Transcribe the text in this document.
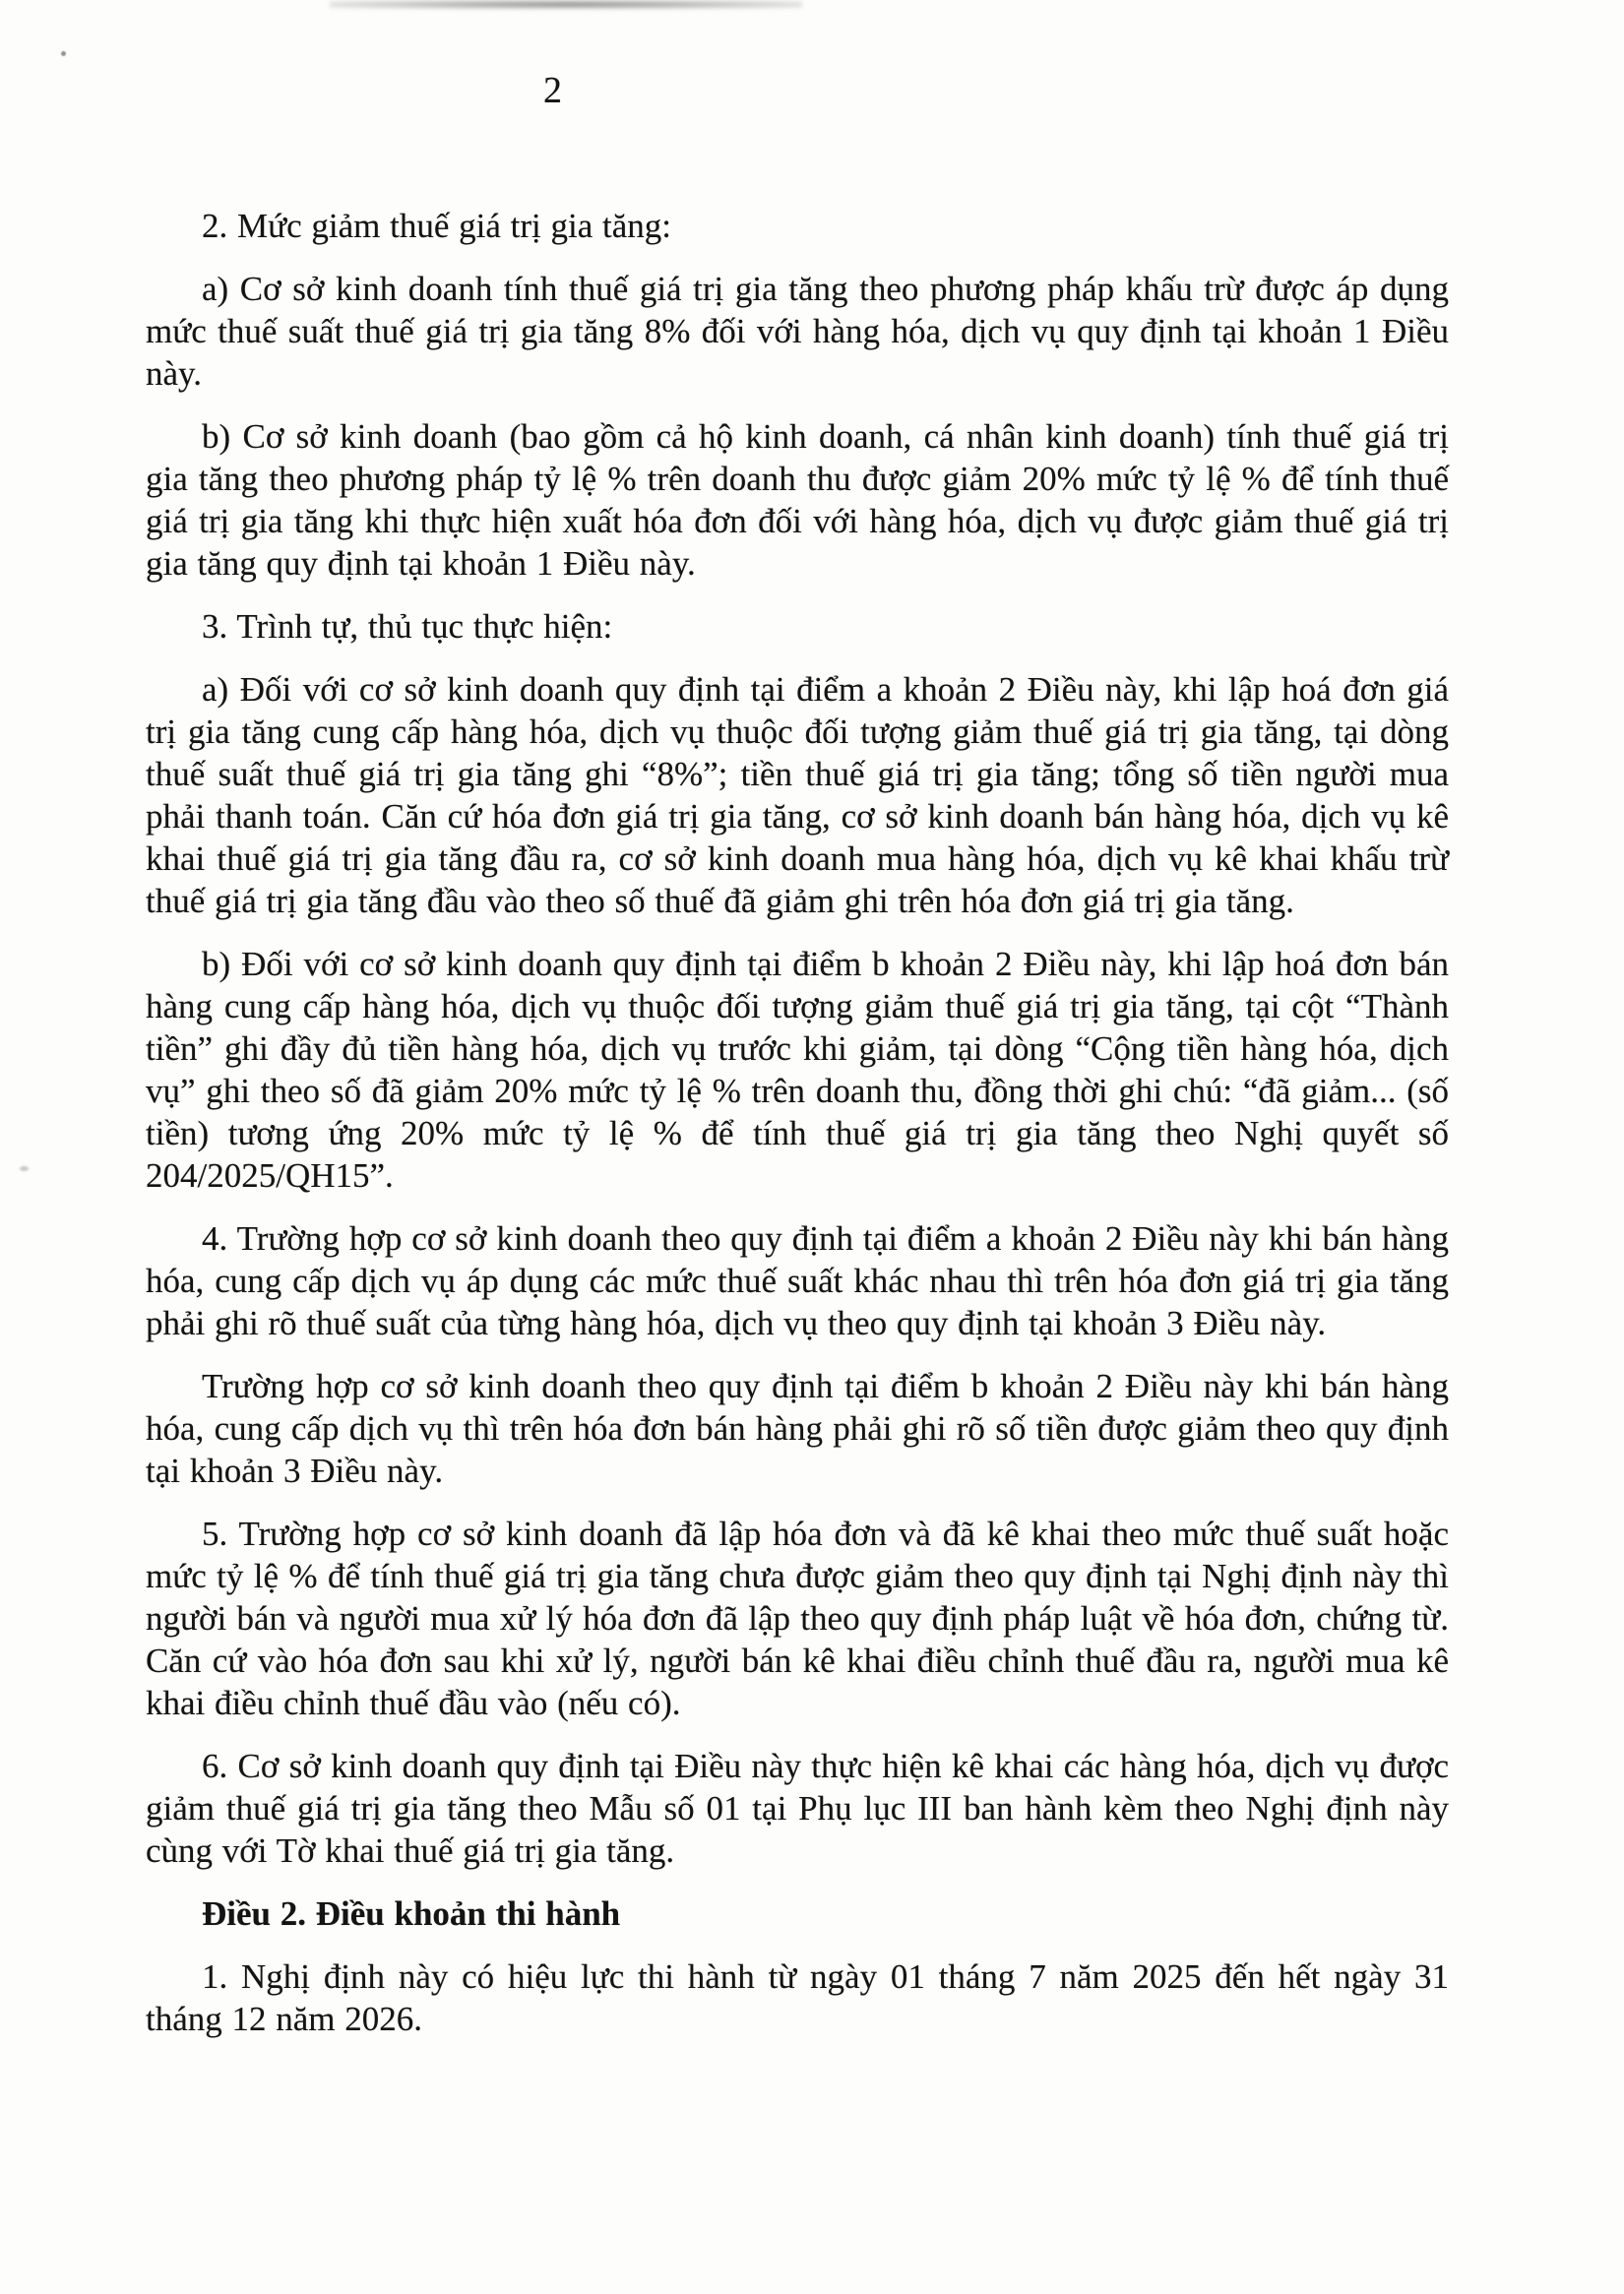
2

2. Mức giảm thuế giá trị gia tăng:

a) Cơ sở kinh doanh tính thuế giá trị gia tăng theo phương pháp khấu trừ được áp dụng mức thuế suất thuế giá trị gia tăng 8% đối với hàng hóa, dịch vụ quy định tại khoản 1 Điều này.

b) Cơ sở kinh doanh (bao gồm cả hộ kinh doanh, cá nhân kinh doanh) tính thuế giá trị gia tăng theo phương pháp tỷ lệ % trên doanh thu được giảm 20% mức tỷ lệ % để tính thuế giá trị gia tăng khi thực hiện xuất hóa đơn đối với hàng hóa, dịch vụ được giảm thuế giá trị gia tăng quy định tại khoản 1 Điều này.

3. Trình tự, thủ tục thực hiện:

a) Đối với cơ sở kinh doanh quy định tại điểm a khoản 2 Điều này, khi lập hoá đơn giá trị gia tăng cung cấp hàng hóa, dịch vụ thuộc đối tượng giảm thuế giá trị gia tăng, tại dòng thuế suất thuế giá trị gia tăng ghi “8%”; tiền thuế giá trị gia tăng; tổng số tiền người mua phải thanh toán. Căn cứ hóa đơn giá trị gia tăng, cơ sở kinh doanh bán hàng hóa, dịch vụ kê khai thuế giá trị gia tăng đầu ra, cơ sở kinh doanh mua hàng hóa, dịch vụ kê khai khấu trừ thuế giá trị gia tăng đầu vào theo số thuế đã giảm ghi trên hóa đơn giá trị gia tăng.

b) Đối với cơ sở kinh doanh quy định tại điểm b khoản 2 Điều này, khi lập hoá đơn bán hàng cung cấp hàng hóa, dịch vụ thuộc đối tượng giảm thuế giá trị gia tăng, tại cột “Thành tiền” ghi đầy đủ tiền hàng hóa, dịch vụ trước khi giảm, tại dòng “Cộng tiền hàng hóa, dịch vụ” ghi theo số đã giảm 20% mức tỷ lệ % trên doanh thu, đồng thời ghi chú: “đã giảm... (số tiền) tương ứng 20% mức tỷ lệ % để tính thuế giá trị gia tăng theo Nghị quyết số 204/2025/QH15”.

4. Trường hợp cơ sở kinh doanh theo quy định tại điểm a khoản 2 Điều này khi bán hàng hóa, cung cấp dịch vụ áp dụng các mức thuế suất khác nhau thì trên hóa đơn giá trị gia tăng phải ghi rõ thuế suất của từng hàng hóa, dịch vụ theo quy định tại khoản 3 Điều này.

Trường hợp cơ sở kinh doanh theo quy định tại điểm b khoản 2 Điều này khi bán hàng hóa, cung cấp dịch vụ thì trên hóa đơn bán hàng phải ghi rõ số tiền được giảm theo quy định tại khoản 3 Điều này.

5. Trường hợp cơ sở kinh doanh đã lập hóa đơn và đã kê khai theo mức thuế suất hoặc mức tỷ lệ % để tính thuế giá trị gia tăng chưa được giảm theo quy định tại Nghị định này thì người bán và người mua xử lý hóa đơn đã lập theo quy định pháp luật về hóa đơn, chứng từ. Căn cứ vào hóa đơn sau khi xử lý, người bán kê khai điều chỉnh thuế đầu ra, người mua kê khai điều chỉnh thuế đầu vào (nếu có).

6. Cơ sở kinh doanh quy định tại Điều này thực hiện kê khai các hàng hóa, dịch vụ được giảm thuế giá trị gia tăng theo Mẫu số 01 tại Phụ lục III ban hành kèm theo Nghị định này cùng với Tờ khai thuế giá trị gia tăng.

Điều 2. Điều khoản thi hành

1. Nghị định này có hiệu lực thi hành từ ngày 01 tháng 7 năm 2025 đến hết ngày 31 tháng 12 năm 2026.
